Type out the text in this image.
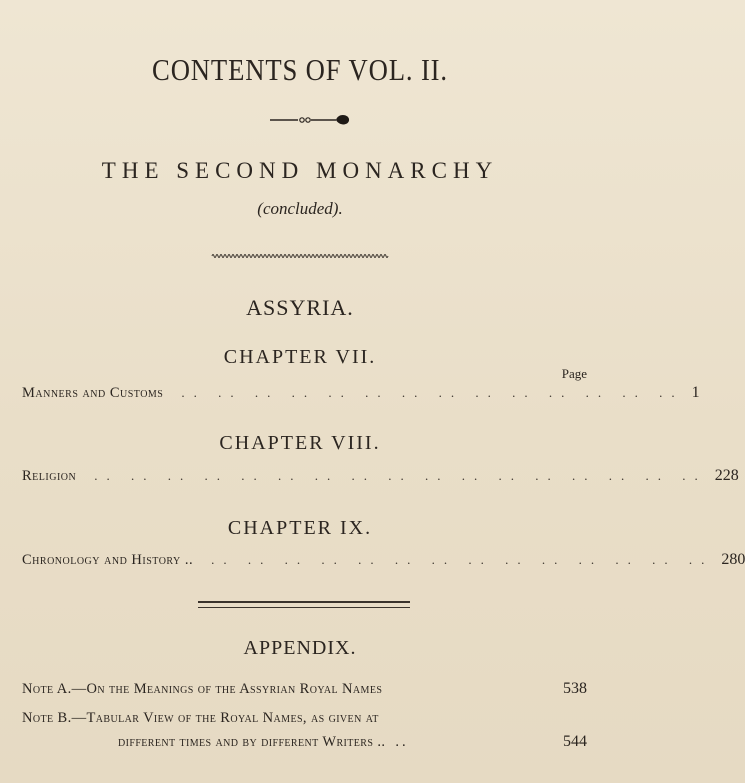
CONTENTS OF VOL. II.
THE SECOND MONARCHY
(concluded).
ASSYRIA.
CHAPTER VII.
Page
Manners and Customs .. .. .. .. .. .. .. .. .. .. .. .. .. .. 1
CHAPTER VIII.
Religion .. .. .. .. .. .. .. .. .. .. .. .. .. .. .. .. .. 228
CHAPTER IX.
Chronology and History .. .. .. .. .. .. .. .. .. .. .. .. .. .. .. 280
APPENDIX.
Note A.—On the Meanings of the Assyrian Royal Names	538
Note B.—Tabular View of the Royal Names, as given at
different times and by different Writers .. ..	544
